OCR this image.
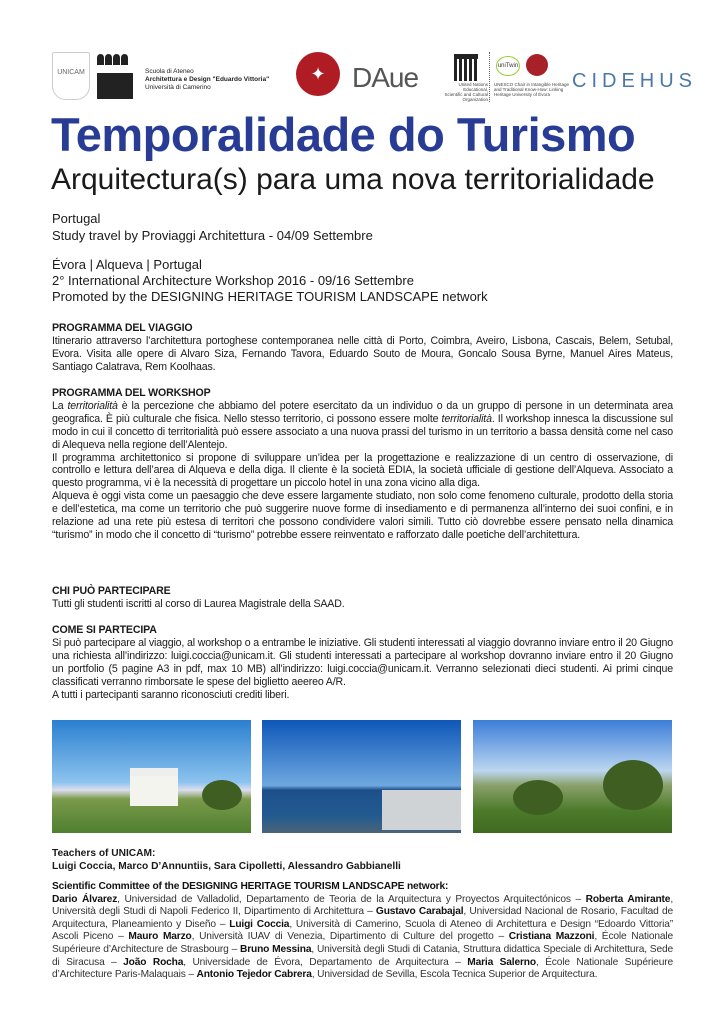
UNICAM	Scuola di Ateneo
Architettura e Design "Eduardo Vittoria"
Università di Camerino
✦ DAue	uniTwin
United Nations Educational, Scientific and Cultural Organization
UNESCO Chair in Intangible Heritage and Traditional Know-How: Linking Heritage University of Évora
CIDEHUS
Temporalidade do Turismo
Arquitectura(s) para uma nova territorialidade
Portugal
Study travel by Proviaggi Architettura - 04/09 Settembre
Évora | Alqueva | Portugal
2° International Architecture Workshop 2016 - 09/16 Settembre
Promoted by the DESIGNING HERITAGE TOURISM LANDSCAPE network
PROGRAMMA DEL VIAGGIO

Itinerario attraverso l’architettura portoghese contemporanea nelle città di Porto, Coimbra, Aveiro, Lisbona, Cascais, Belem, Setubal, Evora. Visita alle opere di Alvaro Siza, Fernando Tavora, Eduardo Souto de Moura, Goncalo Sousa Byrne, Manuel Aires Mateus, Santiago Calatrava, Rem Koolhaas.

PROGRAMMA DEL WORKSHOP

La territorialità è la percezione che abbiamo del potere esercitato da un individuo o da un gruppo di persone in un determinata area geografica. È più culturale che fisica. Nello stesso territorio, ci possono essere molte territorialità. Il workshop innesca la discussione sul modo in cui il concetto di territorialità può essere associato a una nuova prassi del turismo in un territorio a bassa densità come nel caso di Alequeva nella regione dell’Alentejo.

Il programma architettonico si propone di sviluppare un’idea per la progettazione e realizzazione di un centro di osservazione, di controllo e lettura dell’area di Alqueva e della diga. Il cliente è la società EDIA, la società ufficiale di gestione dell’Alqueva. Associato a questo programma, vi è la necessità di progettare un piccolo hotel in una zona vicino alla diga.

Alqueva è oggi vista come un paesaggio che deve essere largamente studiato, non solo come fenomeno culturale, prodotto della storia e dell’estetica, ma come un territorio che può suggerire nuove forme di insediamento e di permanenza all’interno dei suoi confini, e in relazione ad una rete più estesa di territori che possono condividere valori simili. Tutto ciò dovrebbe essere pensato nella dinamica “turismo” in modo che il concetto di “turismo” potrebbe essere reinventato e rafforzato dalle poetiche dell’architettura.

CHI PUÒ PARTECIPARE

Tutti gli studenti iscritti al corso di Laurea Magistrale della SAAD.

COME SI PARTECIPA

Si può partecipare al viaggio, al workshop o a entrambe le iniziative. Gli studenti interessati al viaggio dovranno inviare entro il 20 Giugno una richiesta all’indirizzo: luigi.coccia@unicam.it. Gli studenti interessati a partecipare al workshop dovranno inviare entro il 20 Giugno un portfolio (5 pagine A3 in pdf, max 10 MB) all’indirizzo: luigi.coccia@unicam.it. Verranno selezionati dieci studenti. Ai primi cinque classificati verranno rimborsate le spese del biglietto aeereo A/R.

A tutti i partecipanti saranno riconosciuti crediti liberi.

Teachers of UNICAM:
Luigi Coccia, Marco D’Annuntiis, Sara Cipolletti, Alessandro Gabbianelli
Scientific Committee of the DESIGNING HERITAGE TOURISM LANDSCAPE network:
Dario Álvarez, Universidad de Valladolid, Departamento de Teoria de la Arquitectura y Proyectos Arquitectónicos – Roberta Amirante, Università degli Studi di Napoli Federico II, Dipartimento di Architettura – Gustavo Carabajal, Universidad Nacional de Rosario, Facultad de Arquitectura, Planeamiento y Diseño – Luigi Coccia, Università di Camerino, Scuola di Ateneo di Architettura e Design “Edoardo Vittoria” Ascoli Piceno – Mauro Marzo, Università IUAV di Venezia, Dipartimento di Culture del progetto – Cristiana Mazzoni, École Nationale Supérieure d’Architecture de Strasbourg – Bruno Messina, Università degli Studi di Catania, Struttura didattica Speciale di Architettura, Sede di Siracusa – João Rocha, Universidade de Évora, Departamento de Arquitectura – Maria Salerno, École Nationale Supérieure d’Architecture Paris-Malaquais – Antonio Tejedor Cabrera, Universidad de Sevilla, Escola Tecnica Superior de Arquitectura.
